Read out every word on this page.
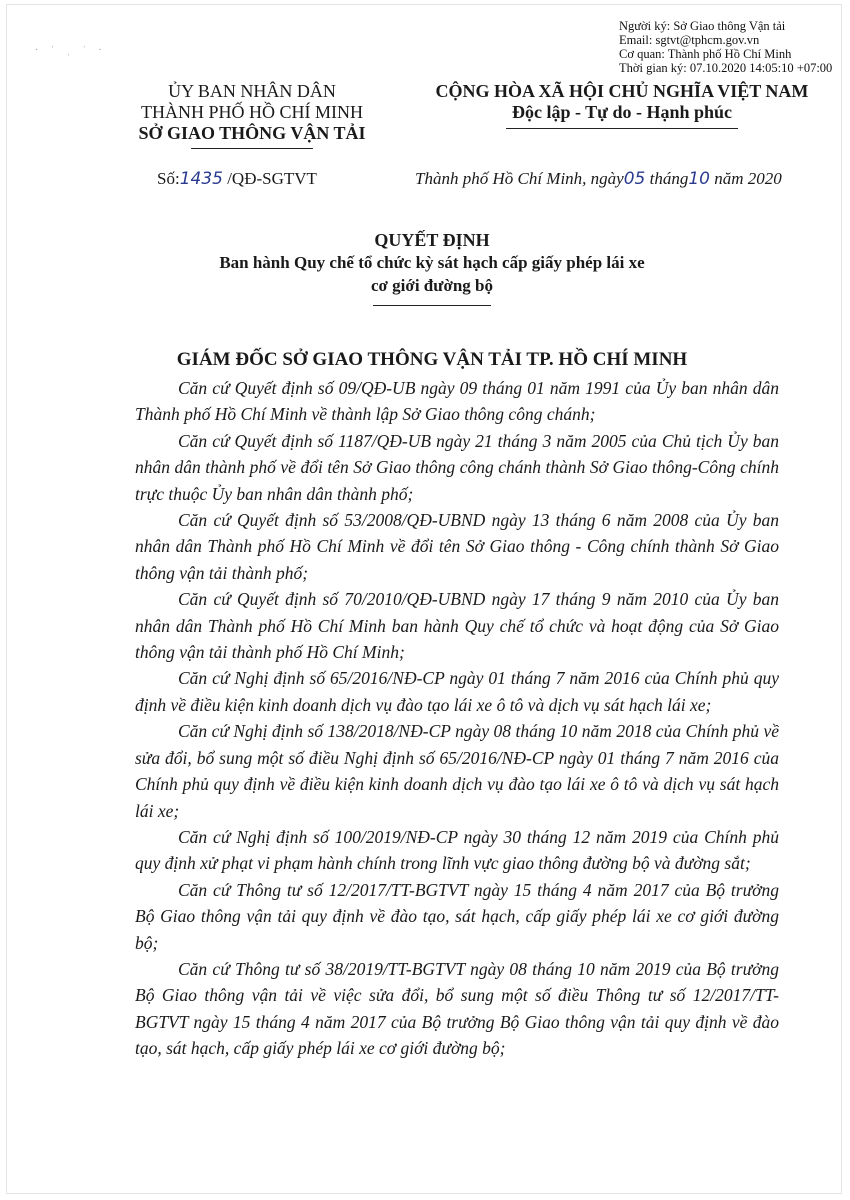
· ˈ ˌ ˈ ·
Người ký: Sở Giao thông Vận tải
Email: sgtvt@tphcm.gov.vn
Cơ quan: Thành phố Hồ Chí Minh
Thời gian ký: 07.10.2020 14:05:10 +07:00
ỦY BAN NHÂN DÂN
THÀNH PHỐ HỒ CHÍ MINH
SỞ GIAO THÔNG VẬN TẢI
CỘNG HÒA XÃ HỘI CHỦ NGHĨA VIỆT NAM
Độc lập - Tự do - Hạnh phúc
Số:1435 /QĐ-SGTVT	Thành phố Hồ Chí Minh, ngày05 tháng10 năm 2020
QUYẾT ĐỊNH
Ban hành Quy chế tổ chức kỳ sát hạch cấp giấy phép lái xe
cơ giới đường bộ
GIÁM ĐỐC SỞ GIAO THÔNG VẬN TẢI TP. HỒ CHÍ MINH

Căn cứ Quyết định số 09/QĐ-UB ngày 09 tháng 01 năm 1991 của Ủy ban nhân dân Thành phố Hồ Chí Minh về thành lập Sở Giao thông công chánh;

Căn cứ Quyết định số 1187/QĐ-UB ngày 21 tháng 3 năm 2005 của Chủ tịch Ủy ban nhân dân thành phố về đổi tên Sở Giao thông công chánh thành Sở Giao thông-Công chính trực thuộc Ủy ban nhân dân thành phố;

Căn cứ Quyết định số 53/2008/QĐ-UBND ngày 13 tháng 6 năm 2008 của Ủy ban nhân dân Thành phố Hồ Chí Minh về đổi tên Sở Giao thông - Công chính thành Sở Giao thông vận tải thành phố;

Căn cứ Quyết định số 70/2010/QĐ-UBND ngày 17 tháng 9 năm 2010 của Ủy ban nhân dân Thành phố Hồ Chí Minh ban hành Quy chế tổ chức và hoạt động của Sở Giao thông vận tải thành phố Hồ Chí Minh;

Căn cứ Nghị định số 65/2016/NĐ-CP ngày 01 tháng 7 năm 2016 của Chính phủ quy định về điều kiện kinh doanh dịch vụ đào tạo lái xe ô tô và dịch vụ sát hạch lái xe;

Căn cứ Nghị định số 138/2018/NĐ-CP ngày 08 tháng 10 năm 2018 của Chính phủ về sửa đổi, bổ sung một số điều Nghị định số 65/2016/NĐ-CP ngày 01 tháng 7 năm 2016 của Chính phủ quy định về điều kiện kinh doanh dịch vụ đào tạo lái xe ô tô và dịch vụ sát hạch lái xe;

Căn cứ Nghị định số 100/2019/NĐ-CP ngày 30 tháng 12 năm 2019 của Chính phủ quy định xử phạt vi phạm hành chính trong lĩnh vực giao thông đường bộ và đường sắt;

Căn cứ Thông tư số 12/2017/TT-BGTVT ngày 15 tháng 4 năm 2017 của Bộ trưởng Bộ Giao thông vận tải quy định về đào tạo, sát hạch, cấp giấy phép lái xe cơ giới đường bộ;

Căn cứ Thông tư số 38/2019/TT-BGTVT ngày 08 tháng 10 năm 2019 của Bộ trưởng Bộ Giao thông vận tải về việc sửa đổi, bổ sung một số điều Thông tư số 12/2017/TT-BGTVT ngày 15 tháng 4 năm 2017 của Bộ trưởng Bộ Giao thông vận tải quy định về đào tạo, sát hạch, cấp giấy phép lái xe cơ giới đường bộ;
